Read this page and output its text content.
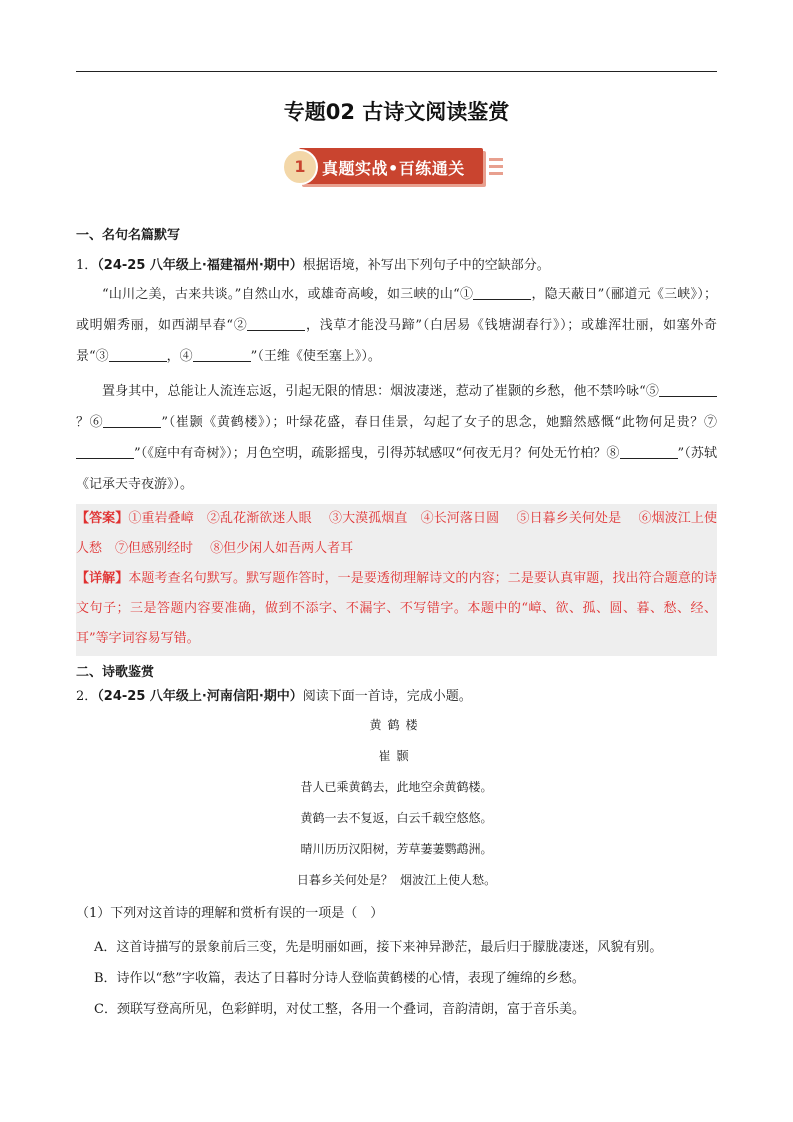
专题02 古诗文阅读鉴赏
1	真题实战•百练通关
一、名句名篇默写
1．（24-25 八年级上·福建福州·期中）根据语境，补写出下列句子中的空缺部分。

“山川之美，古来共谈。”自然山水，或雄奇高峻，如三峡的山“①	，隐天蔽日”（郦道元《三峡》）；或明媚秀丽，如西湖早春“②	，浅草才能没马蹄”（白居易《钱塘湖春行》）；或雄浑壮丽，如塞外奇景“③	，④	”（王维《使至塞上》）。

置身其中，总能让人流连忘返，引起无限的情思：烟波凄迷，惹动了崔颢的乡愁，他不禁吟咏“⑤？⑥	”（崔颢《黄鹤楼》）；叶绿花盛，春日佳景，勾起了女子的思念，她黯然感慨“此物何足贵？⑦”（《庭中有奇树》）；月色空明，疏影摇曳，引得苏轼感叹“何夜无月？何处无竹柏？⑧	”（苏轼《记承天寺夜游》）。

【答案】①重岩叠嶂　②乱花渐欲迷人眼　 ③大漠孤烟直　④长河落日圆　 ⑤日暮乡关何处是　 ⑥烟波江上使人愁　⑦但感别经时　 ⑧但少闲人如吾两人者耳

【详解】本题考查名句默写。默写题作答时，一是要透彻理解诗文的内容；二是要认真审题，找出符合题意的诗文句子；三是答题内容要准确，做到不添字、不漏字、不写错字。本题中的“嶂、欲、孤、圆、暮、愁、经、耳”等字词容易写错。

二、诗歌鉴赏
2．（24-25 八年级上·河南信阳·期中）阅读下面一首诗，完成小题。
黄鹤楼
崔颢
昔人已乘黄鹤去，此地空余黄鹤楼。
黄鹤一去不复返，白云千载空悠悠。
晴川历历汉阳树，芳草萋萋鹦鹉洲。
日暮乡关何处是？ 烟波江上使人愁。
（1）下列对这首诗的理解和赏析有误的一项是（　）

A．这首诗描写的景象前后三变，先是明丽如画，接下来神异渺茫，最后归于朦胧凄迷，风貌有别。

B．诗作以“愁”字收篇，表达了日暮时分诗人登临黄鹤楼的心情，表现了缠绵的乡愁。

C．颈联写登高所见，色彩鲜明，对仗工整，各用一个叠词，音韵清朗，富于音乐美。
